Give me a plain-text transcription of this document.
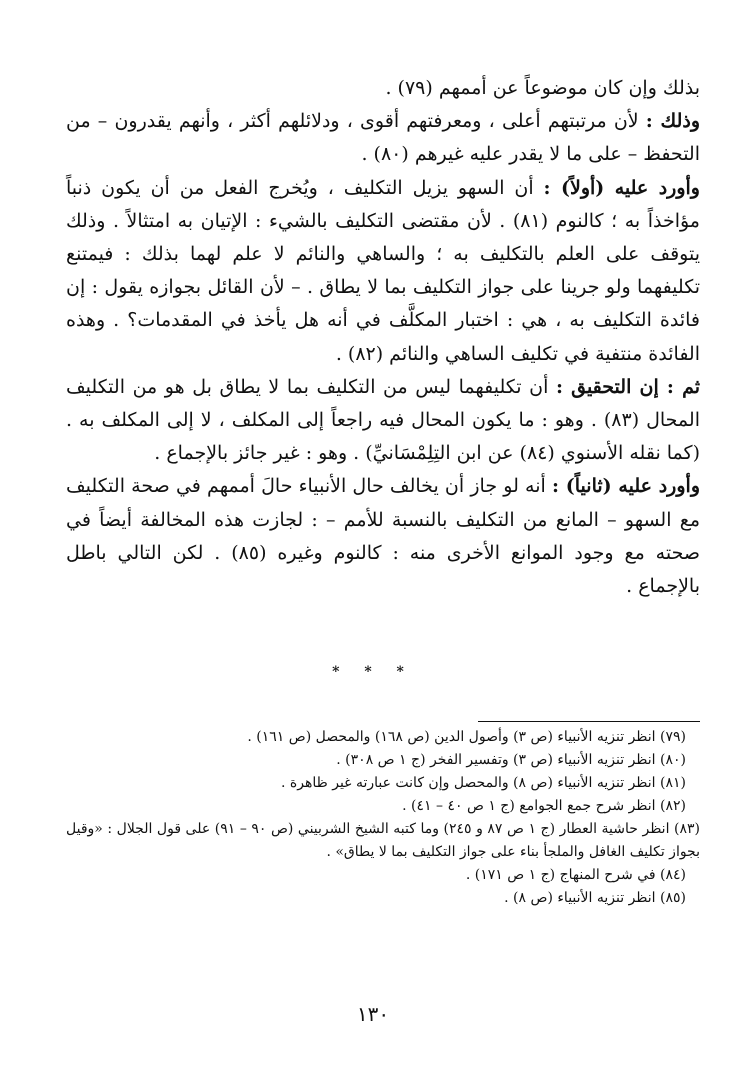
بذلك وإن كان موضوعاً عن أممهم (٧٩) .

وذلك : لأن مرتبتهم أعلى ، ومعرفتهم أقوى ، ودلائلهم أكثر ، وأنهم يقدرون – من التحفظ – على ما لا يقدر عليه غيرهم (٨٠) .

وأورد عليه (أولاً) : أن السهو يزيل التكليف ، ويُخرج الفعل من أن يكون ذنباً مؤاخذاً به ؛ كالنوم (٨١) . لأن مقتضى التكليف بالشيء : الإتيان به امتثالاً . وذلك يتوقف على العلم بالتكليف به ؛ والساهي والنائم لا علم لهما بذلك : فيمتنع تكليفهما ولو جرينا على جواز التكليف بما لا يطاق . – لأن القائل بجوازه يقول : إن فائدة التكليف به ، هي : اختبار المكلَّف في أنه هل يأخذ في المقدمات؟ . وهذه الفائدة منتفية في تكليف الساهي والنائم (٨٢) .

ثم : إن التحقيق : أن تكليفهما ليس من التكليف بما لا يطاق بل هو من التكليف المحال (٨٣) . وهو : ما يكون المحال فيه راجعاً إلى المكلف ، لا إلى المكلف به . (كما نقله الأسنوي (٨٤) عن ابن التِلِمْسَانيِّ) . وهو : غير جائز بالإجماع .

وأورد عليه (ثانياً) : أنه لو جاز أن يخالف حال الأنبياء حالَ أممهم في صحة التكليف مع السهو – المانع من التكليف بالنسبة للأمم – : لجازت هذه المخالفة أيضاً في صحته مع وجود الموانع الأخرى منه : كالنوم وغيره (٨٥) . لكن التالي باطل بالإجماع .

* * *

(٧٩) انظر تنزيه الأنبياء (ص ٣) وأصول الدين (ص ١٦٨) والمحصل (ص ١٦١) .

(٨٠) انظر تنزيه الأنبياء (ص ٣) وتفسير الفخر (ج ١ ص ٣٠٨) .

(٨١) انظر تنزيه الأنبياء (ص ٨) والمحصل وإن كانت عبارته غير ظاهرة .

(٨٢) انظر شرح جمع الجوامع (ج ١ ص ٤٠ – ٤١) .

(٨٣) انظر حاشية العطار (ج ١ ص ٨٧ و ٢٤٥) وما كتبه الشيخ الشربيني (ص ٩٠ – ٩١) على قول الجلال : «وقيل بجواز تكليف الغافل والملجأ بناء على جواز التكليف بما لا يطاق» .

(٨٤) في شرح المنهاج (ج ١ ص ١٧١) .

(٨٥) انظر تنزيه الأنبياء (ص ٨) .

١٣٠
